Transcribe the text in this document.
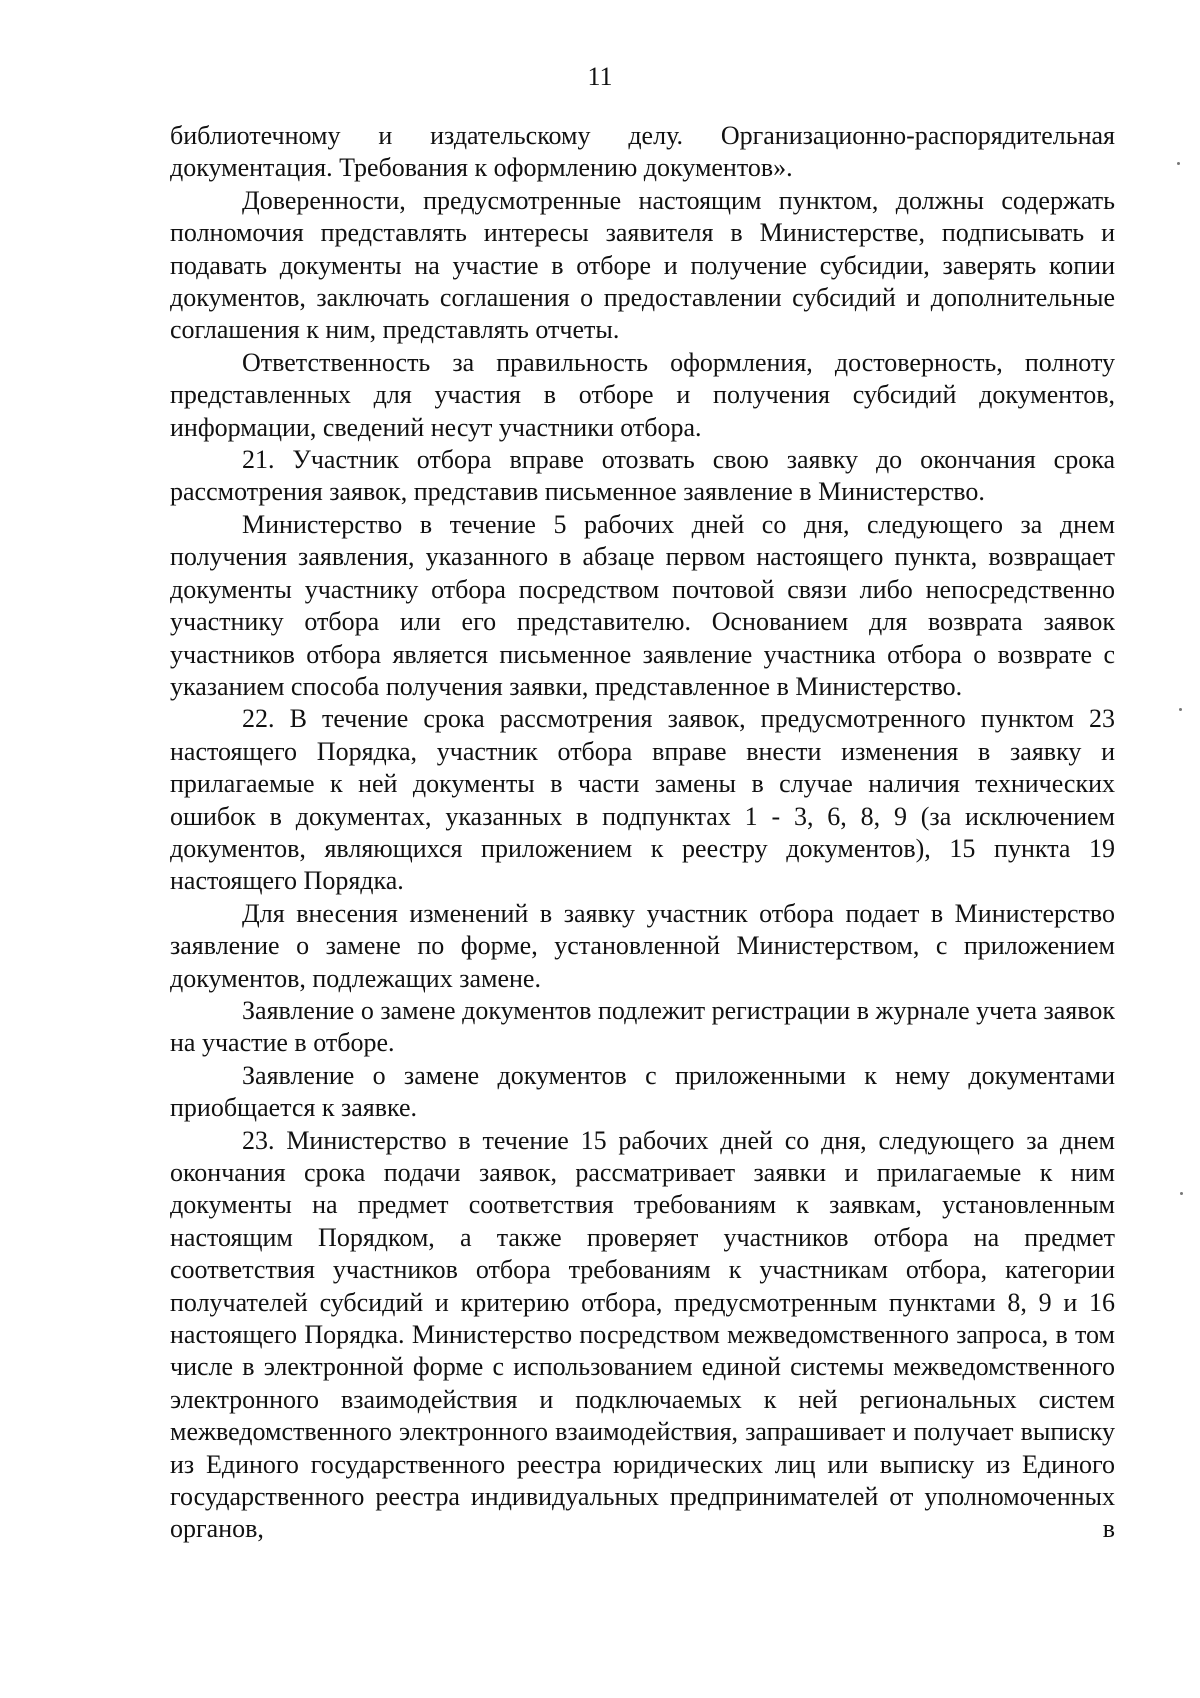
11

библиотечному и издательскому делу. Организационно-распорядительная документация. Требования к оформлению документов».

Доверенности, предусмотренные настоящим пунктом, должны содержать полномочия представлять интересы заявителя в Министерстве, подписывать и подавать документы на участие в отборе и получение субсидии, заверять копии документов, заключать соглашения о предоставлении субсидий и дополнительные соглашения к ним, представлять отчеты.

Ответственность за правильность оформления, достоверность, полноту представленных для участия в отборе и получения субсидий документов, информации, сведений несут участники отбора.

21. Участник отбора вправе отозвать свою заявку до окончания срока рассмотрения заявок, представив письменное заявление в Министерство.

Министерство в течение 5 рабочих дней со дня, следующего за днем получения заявления, указанного в абзаце первом настоящего пункта, возвращает документы участнику отбора посредством почтовой связи либо непосредственно участнику отбора или его представителю. Основанием для возврата заявок участников отбора является письменное заявление участника отбора о возврате с указанием способа получения заявки, представленное в Министерство.

22. В течение срока рассмотрения заявок, предусмотренного пунктом 23 настоящего Порядка, участник отбора вправе внести изменения в заявку и прилагаемые к ней документы в части замены в случае наличия технических ошибок в документах, указанных в подпунктах 1 - 3, 6, 8, 9 (за исключением документов, являющихся приложением к реестру документов), 15 пункта 19 настоящего Порядка.

Для внесения изменений в заявку участник отбора подает в Министерство заявление о замене по форме, установленной Министерством, с приложением документов, подлежащих замене.

Заявление о замене документов подлежит регистрации в журнале учета заявок на участие в отборе.

Заявление о замене документов с приложенными к нему документами приобщается к заявке.

23. Министерство в течение 15 рабочих дней со дня, следующего за днем окончания срока подачи заявок, рассматривает заявки и прилагаемые к ним документы на предмет соответствия требованиям к заявкам, установленным настоящим Порядком, а также проверяет участников отбора на предмет соответствия участников отбора требованиям к участникам отбора, категории получателей субсидий и критерию отбора, предусмотренным пунктами 8, 9 и 16 настоящего Порядка. Министерство посредством межведомственного запроса, в том числе в электронной форме с использованием единой системы межведомственного электронного взаимодействия и подключаемых к ней региональных систем межведомственного электронного взаимодействия, запрашивает и получает выписку из Единого государственного реестра юридических лиц или выписку из Единого государственного реестра индивидуальных предпринимателей от уполномоченных органов, в
